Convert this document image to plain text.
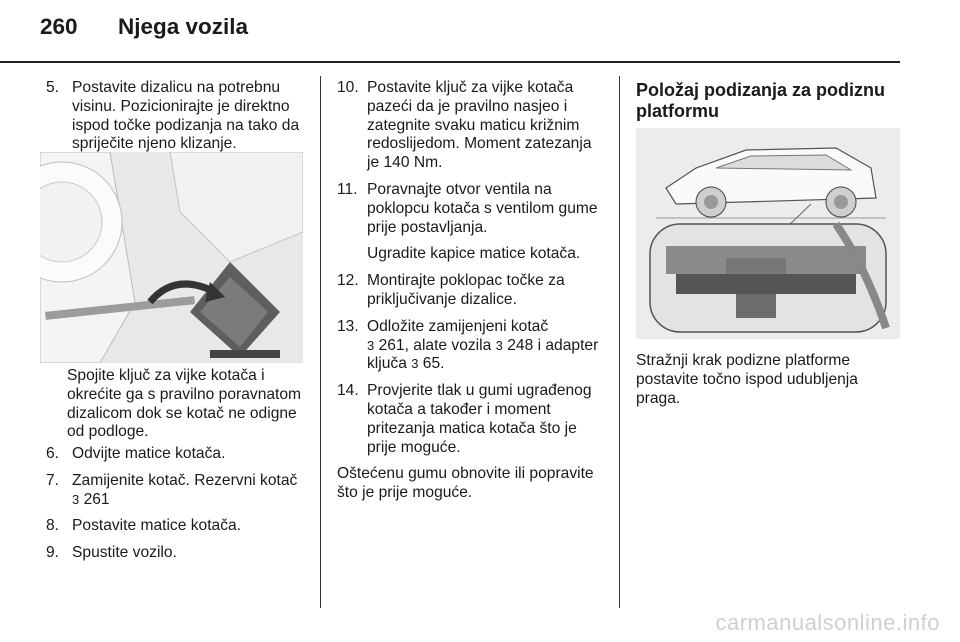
260 Njega vozila
5. Postavite dizalicu na potrebnu visinu. Pozicionirajte je direktno ispod točke podizanja na tako da spriječite njeno klizanje.
Spojite ključ za vijke kotača i okrećite ga s pravilno poravnatom dizalicom dok se kotač ne odigne od podloge.
6. Odvijte matice kotača.
7. Zamijenite kotač. Rezervni kotač
3 261
8. Postavite matice kotača.
9. Spustite vozilo.
10. Postavite ključ za vijke kotača pazeći da je pravilno nasjeo i zategnite svaku maticu križnim redoslijedom. Moment zatezanja je 140 Nm.
11. Poravnajte otvor ventila na poklopcu kotača s ventilom gume prije postavljanja.
Ugradite kapice matice kotača.
12. Montirajte poklopac točke za priključivanje dizalice.
13. Odložite zamijenjeni kotač
3 261, alate vozila 3 248 i adapter ključa 3 65.
14. Provjerite tlak u gumi ugrađenog kotača a također i moment pritezanja matica kotača što je prije moguće.
Oštećenu gumu obnovite ili popravite što je prije moguće.
Položaj podizanja za podiznu platformu
Stražnji krak podizne platforme postavite točno ispod udubljenja praga.
carmanualsonline.info
